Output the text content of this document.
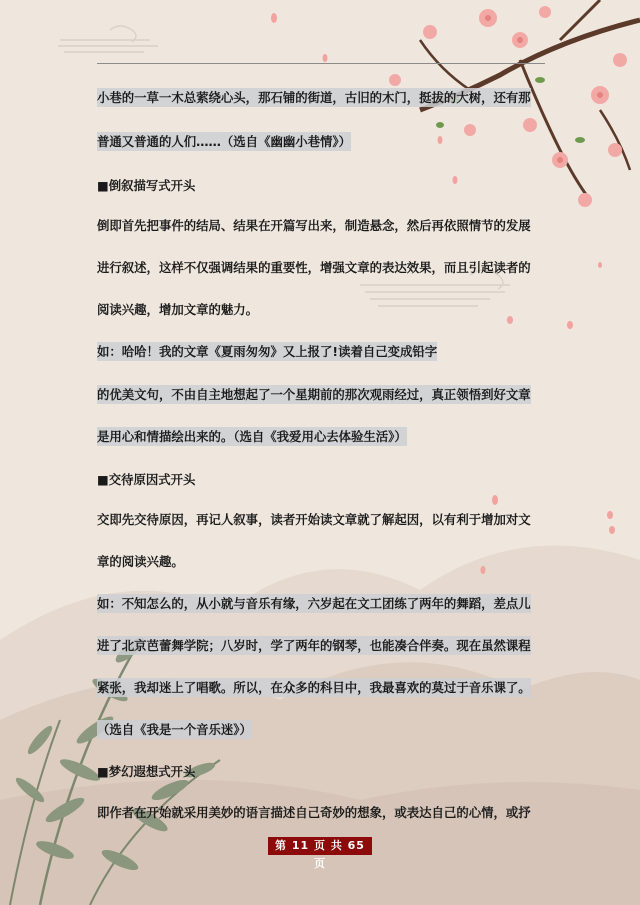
小巷的一草一木总萦绕心头，那石铺的街道，古旧的木门，挺拔的大树，还有那
普通又普通的人们……（选自《幽幽小巷情》）
■倒叙描写式开头
倒即首先把事件的结局、结果在开篇写出来，制造悬念，然后再依照情节的发展
进行叙述，这样不仅强调结果的重要性，增强文章的表达效果，而且引起读者的
阅读兴趣，增加文章的魅力。
如：哈哈！我的文章《夏雨匆匆》又上报了!读着自己变成铅字
的优美文句，不由自主地想起了一个星期前的那次观雨经过，真正领悟到好文章
是用心和情描绘出来的。（选自《我爱用心去体验生活》）
■交待原因式开头
交即先交待原因，再记人叙事，读者开始读文章就了解起因，以有利于增加对文
章的阅读兴趣。
如：不知怎么的，从小就与音乐有缘，六岁起在文工团练了两年的舞蹈，差点儿
进了北京芭蕾舞学院；八岁时，学了两年的钢琴，也能凑合伴奏。现在虽然课程
紧张，我却迷上了唱歌。所以，在众多的科目中，我最喜欢的莫过于音乐课了。
（选自《我是一个音乐迷》）
■梦幻遐想式开头
即作者在开始就采用美妙的语言描述自己奇妙的想象，或表达自己的心情，或抒
第 11 页 共 65 页
